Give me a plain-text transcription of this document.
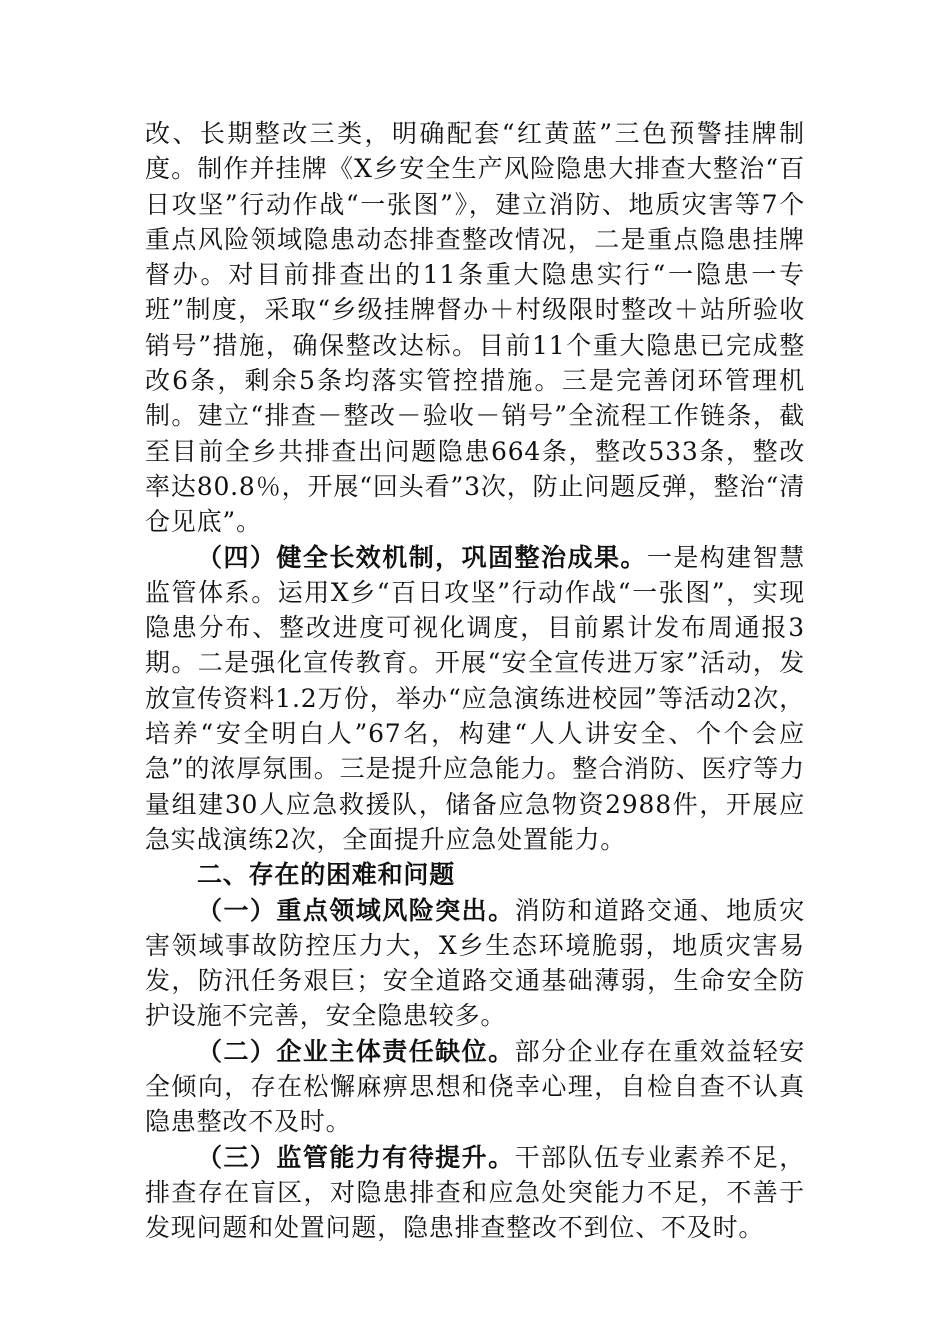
改、长期整改三类，明确配套“红黄蓝”三色预警挂牌制度。制作并挂牌《X乡安全生产风险隐患大排查大整治“百日攻坚”行动作战“一张图”》，建立消防、地质灾害等7个重点风险领域隐患动态排查整改情况，二是重点隐患挂牌督办。对目前排查出的11条重大隐患实行“一隐患一专班”制度，采取“乡级挂牌督办＋村级限时整改＋站所验收销号”措施，确保整改达标。目前11个重大隐患已完成整改6条，剩余5条均落实管控措施。三是完善闭环管理机制。建立“排查－整改－验收－销号”全流程工作链条，截至目前全乡共排查出问题隐患664条，整改533条，整改率达80.8％，开展“回头看”3次，防止问题反弹，整治“清仓见底”。

（四）健全长效机制，巩固整治成果。一是构建智慧监管体系。运用X乡“百日攻坚”行动作战“一张图”，实现隐患分布、整改进度可视化调度，目前累计发布周通报3期。二是强化宣传教育。开展“安全宣传进万家”活动，发放宣传资料1.2万份，举办“应急演练进校园”等活动2次，培养“安全明白人”67名，构建“人人讲安全、个个会应急”的浓厚氛围。三是提升应急能力。整合消防、医疗等力量组建30人应急救援队，储备应急物资2988件，开展应急实战演练2次，全面提升应急处置能力。

二、存在的困难和问题

（一）重点领域风险突出。消防和道路交通、地质灾害领域事故防控压力大，X乡生态环境脆弱，地质灾害易发，防汛任务艰巨；安全道路交通基础薄弱，生命安全防护设施不完善，安全隐患较多。

（二）企业主体责任缺位。部分企业存在重效益轻安全倾向，存在松懈麻痹思想和侥幸心理，自检自查不认真隐患整改不及时。

（三）监管能力有待提升。干部队伍专业素养不足，排查存在盲区，对隐患排查和应急处突能力不足，不善于发现问题和处置问题，隐患排查整改不到位、不及时。
